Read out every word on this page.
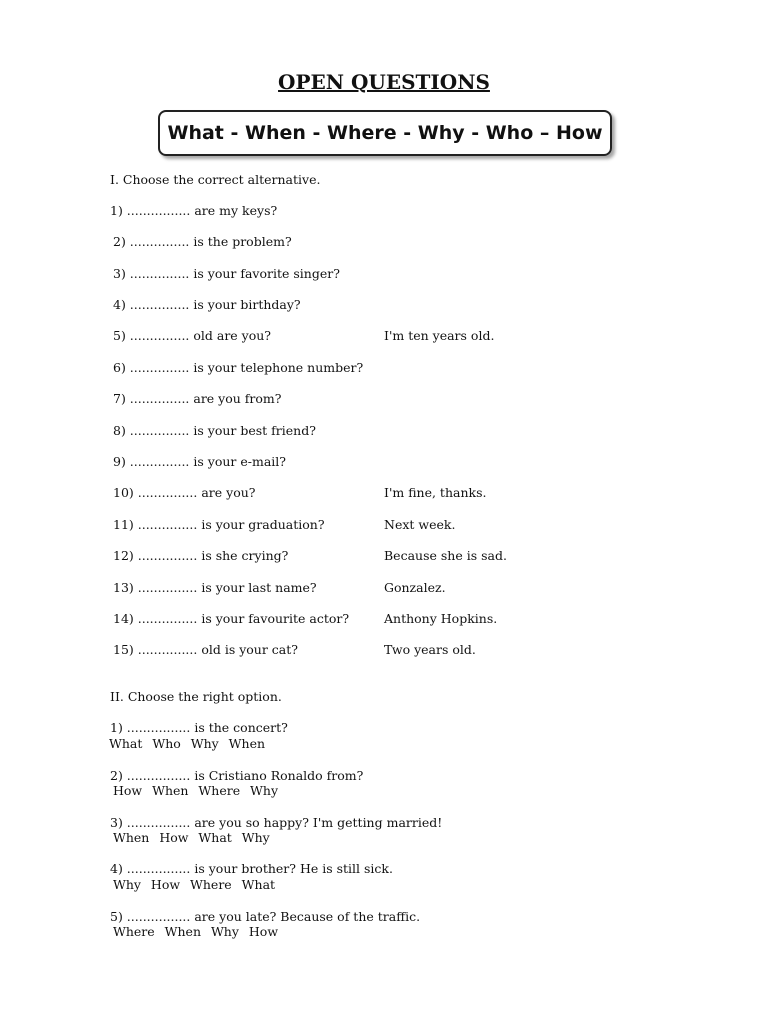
OPEN QUESTIONS
What - When - Where - Why - Who – How
I. Choose the correct alternative.
1) ................ are my keys?
2) ............... is the problem?
3) ............... is your favorite singer?
4) ............... is your birthday?
5) ............... old are you?	I'm ten years old.
6) ............... is your telephone number?
7) ............... are you from?
8) ............... is your best friend?
9) ............... is your e-mail?
10) ............... are you?	I'm fine, thanks.
11) ............... is your graduation?	Next week.
12) ............... is she crying?	Because she is sad.
13) ............... is your last name?	Gonzalez.
14) ............... is your favourite actor?	Anthony Hopkins.
15) ............... old is your cat?	Two years old.
II. Choose the right option.
1) ................ is the concert?
What Who Why When
2) ................ is Cristiano Ronaldo from?
How When Where Why
3) ................ are you so happy? I'm getting married!
When How What Why
4) ................ is your brother? He is still sick.
Why How Where What
5) ................ are you late? Because of the traffic.
Where When Why How
